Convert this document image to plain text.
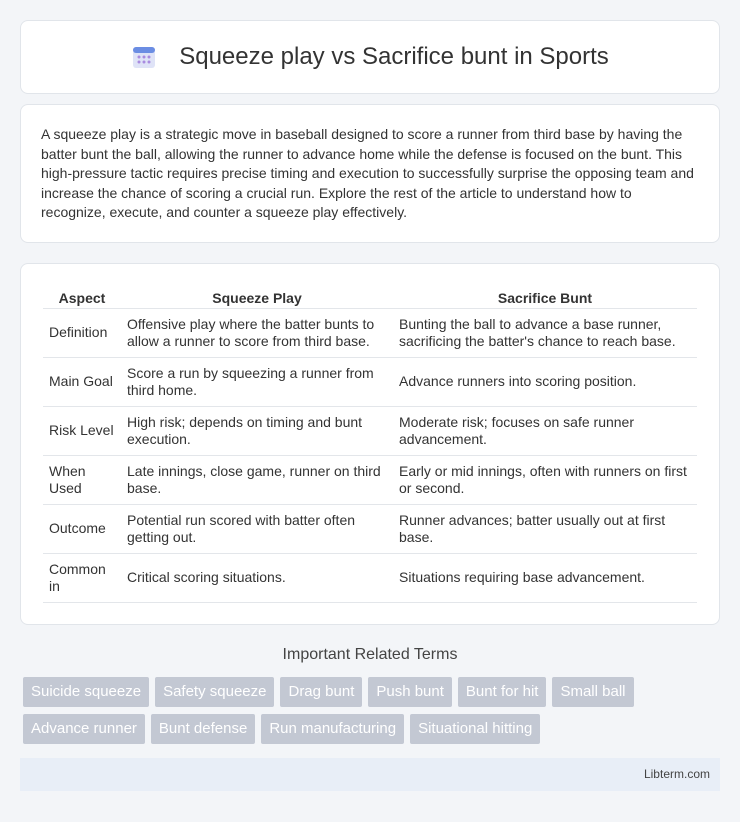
Squeeze play vs Sacrifice bunt in Sports

A squeeze play is a strategic move in baseball designed to score a runner from third base by having the batter bunt the ball, allowing the runner to advance home while the defense is focused on the bunt. This high-pressure tactic requires precise timing and execution to successfully surprise the opposing team and increase the chance of scoring a crucial run. Explore the rest of the article to understand how to recognize, execute, and counter a squeeze play effectively.

Aspect	Squeeze Play	Sacrifice Bunt
Definition	Offensive play where the batter bunts to allow a runner to score from third base.	Bunting the ball to advance a base runner, sacrificing the batter's chance to reach base.
Main Goal	Score a run by squeezing a runner from third home.	Advance runners into scoring position.
Risk Level	High risk; depends on timing and bunt execution.	Moderate risk; focuses on safe runner advancement.
When Used	Late innings, close game, runner on third base.	Early or mid innings, often with runners on first or second.
Outcome	Potential run scored with batter often getting out.	Runner advances; batter usually out at first base.
Common in	Critical scoring situations.	Situations requiring base advancement.
Important Related Terms
Suicide squeeze	Safety squeeze	Drag bunt	Push bunt	Bunt for hit	Small ball
Advance runner	Bunt defense	Run manufacturing	Situational hitting
Libterm.com
